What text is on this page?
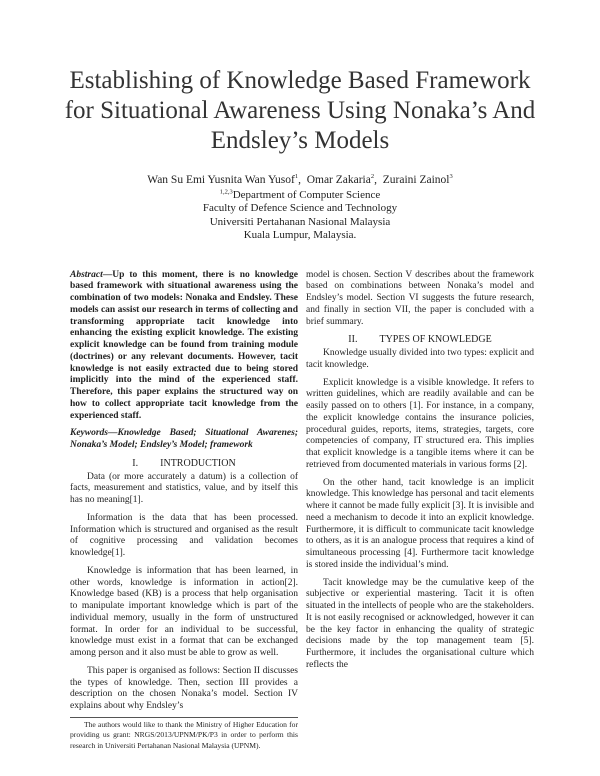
Establishing of Knowledge Based Framework
for Situational Awareness Using Nonaka’s And
Endsley’s Models
Wan Su Emi Yusnita Wan Yusof$^1$,  Omar Zakaria$^2$,  Zuraini Zainol$^3$
$^{1,2,3}$Department of Computer Science
Faculty of Defence Science and Technology
Universiti Pertahanan Nasional Malaysia
Kuala Lumpur, Malaysia.
Abstract—Up to this moment, there is no knowledge based framework with situational awareness using the combination of two models: Nonaka and Endsley. These models can assist our research in terms of collecting and transforming appropriate tacit knowledge into enhancing the existing explicit knowledge. The existing explicit knowledge can be found from training module (doctrines) or any relevant documents. However, tacit knowledge is not easily extracted due to being stored implicitly into the mind of the experienced staff. Therefore, this paper explains the structured way on how to collect appropriate tacit knowledge from the experienced staff.
Keywords—Knowledge Based; Situational Awarenes; Nonaka’s Model; Endsley’s Model; framework
I. INTRODUCTION
Data (or more accurately a datum) is a collection of facts, measurement and statistics, value, and by itself this has no meaning[1].
Information is the data that has been processed. Information which is structured and organised as the result of cognitive processing and validation becomes knowledge[1].
Knowledge is information that has been learned, in other words, knowledge is information in action[2]. Knowledge based (KB) is a process that help organisation to manipulate important knowledge which is part of the individual memory, usually in the form of unstructured format. In order for an individual to be successful, knowledge must exist in a format that can be exchanged among person and it also must be able to grow as well.
This paper is organised as follows: Section II discusses the types of knowledge. Then, section III provides a description on the chosen Nonaka’s model. Section IV explains about why Endsley’s
The authors would like to thank the Ministry of Higher Education for providing us grant: NRGS/2013/UPNM/PK/P3 in order to perform this research in Universiti Pertahanan Nasional Malaysia (UPNM).
model is chosen. Section V describes about the framework based on combinations between Nonaka’s model and Endsley’s model. Section VI suggests the future research, and finally in section VII, the paper is concluded with a brief summary.
II. TYPES OF KNOWLEDGE
Knowledge usually divided into two types: explicit and tacit knowledge.
Explicit knowledge is a visible knowledge. It refers to written guidelines, which are readily available and can be easily passed on to others [1]. For instance, in a company, the explicit knowledge contains the insurance policies, procedural guides, reports, items, strategies, targets, core competencies of company, IT structured era. This implies that explicit knowledge is a tangible items where it can be retrieved from documented materials in various forms [2].
On the other hand, tacit knowledge is an implicit knowledge. This knowledge has personal and tacit elements where it cannot be made fully explicit [3]. It is invisible and need a mechanism to decode it into an explicit knowledge. Furthermore, it is difficult to communicate tacit knowledge to others, as it is an analogue process that requires a kind of simultaneous processing [4]. Furthermore tacit knowledge is stored inside the individual’s mind.
Tacit knowledge may be the cumulative keep of the subjective or experiential mastering. Tacit it is often situated in the intellects of people who are the stakeholders. It is not easily recognised or acknowledged, however it can be the key factor in enhancing the quality of strategic decisions made by the top management team [5]. Furthermore, it includes the organisational culture which reflects the
